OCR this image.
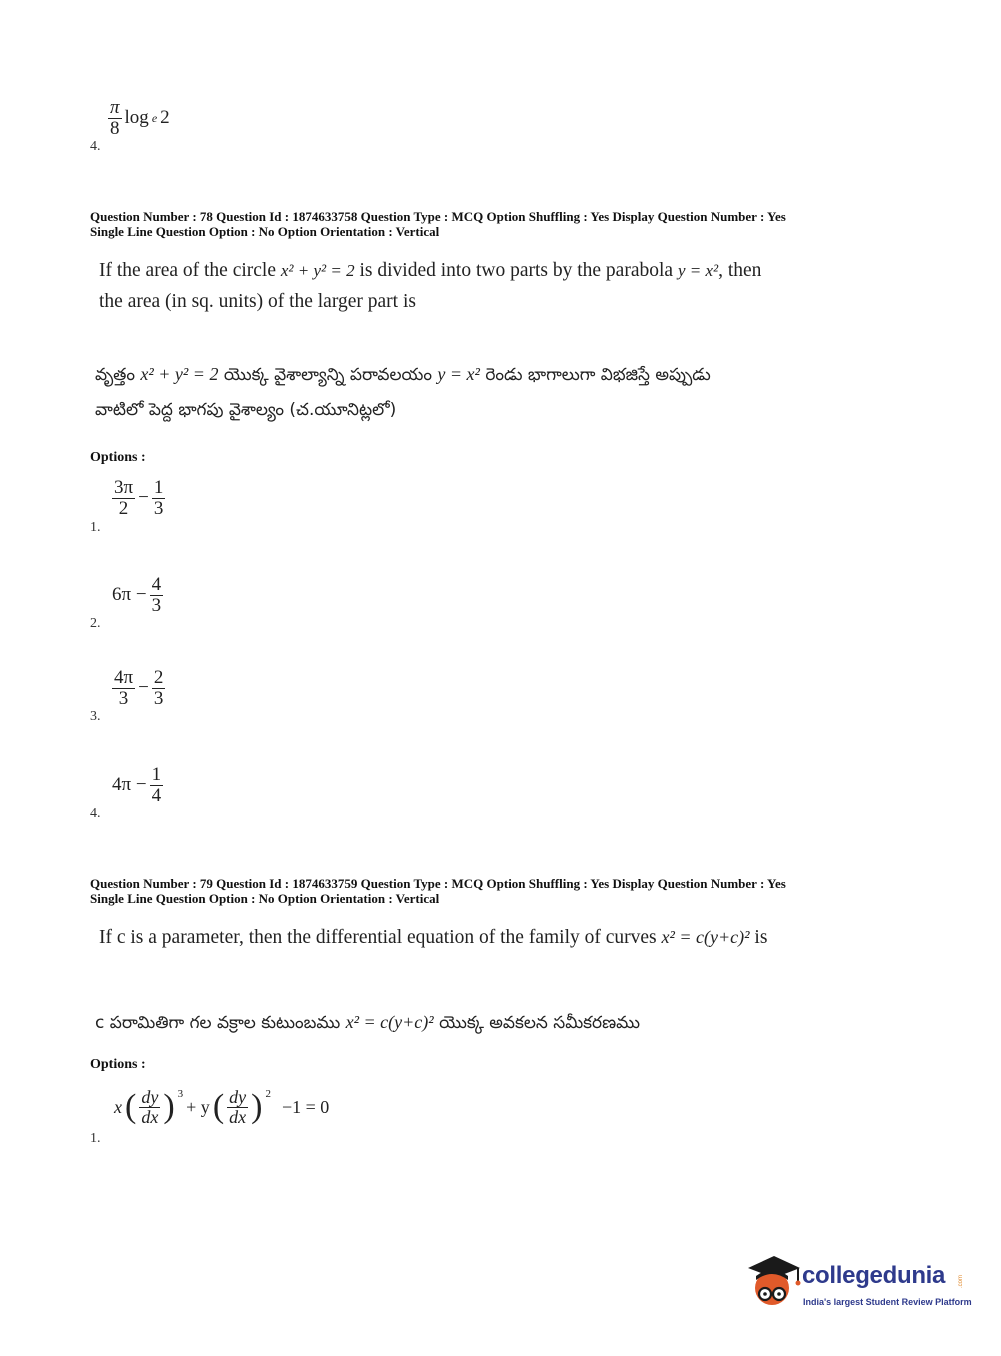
$\frac{\pi}{8}$ log e 2
4.
Question Number : 78 Question Id : 1874633758 Question Type : MCQ Option Shuffling : Yes Display Question Number : Yes
Single Line Question Option : No Option Orientation : Vertical
If the area of the circle x² + y² = 2 is divided into two parts by the parabola y = x², then
the area (in sq. units) of the larger part is
వృత్తం x² + y² = 2 యొక్క వైశాల్యాన్ని పరావలయం y = x² రెండు భాగాలుగా విభజిస్తే అప్పుడు
వాటిలో పెద్ద భాగపు వైశాల్యం (చ.యూనిట్లలో)
Options :
$\frac{3\pi}{2} - \frac{1}{3}$
1.
$6\pi - \frac{4}{3}$
2.
$\frac{4\pi}{3} - \frac{2}{3}$
3.
$4\pi - \frac{1}{4}$
4.
Question Number : 79 Question Id : 1874633759 Question Type : MCQ Option Shuffling : Yes Display Question Number : Yes
Single Line Question Option : No Option Orientation : Vertical
If c is a parameter, then the differential equation of the family of curves x² = c(y+c)² is
c పరామితిగా గల వక్రాల కుటుంబము x² = c(y+c)² యొక్క అవకలన సమీకరణము
Options :
x ( $\frac{dy}{dx}$ ) $^3$
+ y ( $\frac{dy}{dx}$ ) $^2$
−1 = 0
1.
collegedunia .com
India's largest Student Review Platform
